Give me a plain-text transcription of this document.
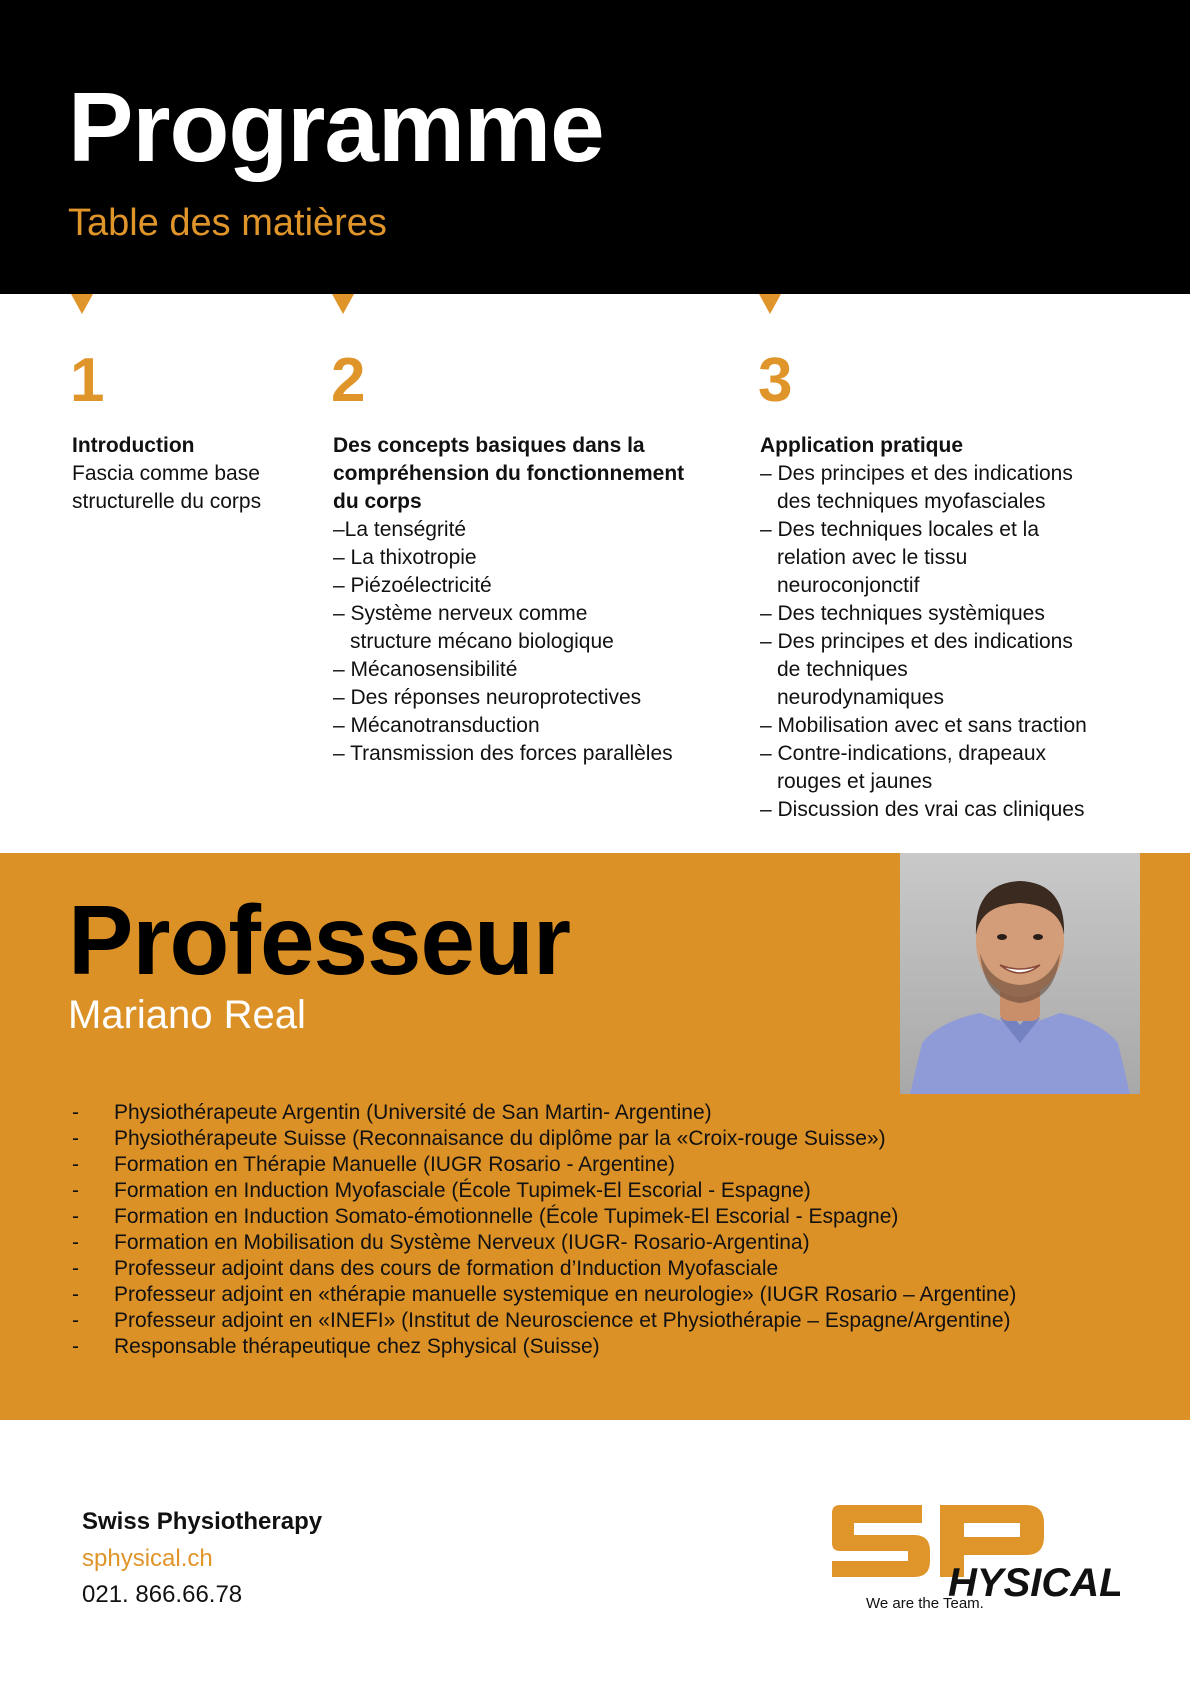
Programme
Table des matières
1
Introduction
Fascia comme base
structurelle du corps
2
Des concepts basiques dans la compréhension du fonctionnement du corps
–La tenségrité
– La thixotropie
– Piézoélectricité
– Système nerveux comme structure mécano biologique
– Mécanosensibilité
– Des réponses neuroprotectives
– Mécanotransduction
– Transmission des forces parallèles
3
Application pratique
– Des principes et des indications des techniques myofasciales
– Des techniques locales et la relation avec le tissu neuroconjonctif
– Des techniques systèmiques
– Des principes et des indications de techniques neurodynamiques
– Mobilisation avec et sans traction
– Contre-indications, drapeaux rouges et jaunes
– Discussion des vrai cas cliniques
Professeur
Mariano Real
- Physiothérapeute Argentin (Université de San Martin- Argentine)
- Physiothérapeute Suisse (Reconnaisance du diplôme par la «Croix-rouge Suisse»)
- Formation en Thérapie Manuelle (IUGR Rosario - Argentine)
- Formation en Induction Myofasciale (École Tupimek-El Escorial - Espagne)
- Formation en Induction Somato-émotionnelle (École Tupimek-El Escorial - Espagne)
- Formation en Mobilisation du Système Nerveux (IUGR- Rosario-Argentina)
- Professeur adjoint dans des cours de formation d’Induction Myofasciale
- Professeur adjoint en «thérapie manuelle systemique en neurologie» (IUGR Rosario – Argentine)
- Professeur adjoint en «INEFI» (Institut de Neuroscience et Physiothérapie – Espagne/Argentine)
- Responsable thérapeutique chez Sphysical (Suisse)
Swiss Physiotherapy
sphysical.ch
021. 866.66.78	HYSICAL
We are the Team.
